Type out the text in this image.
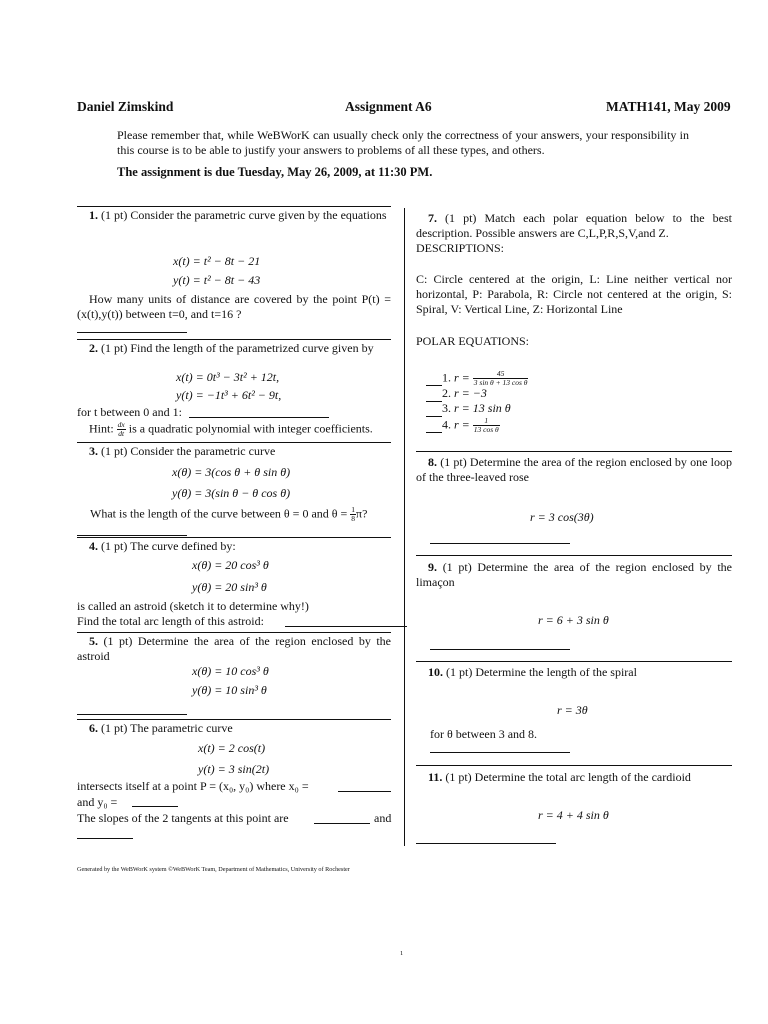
Daniel Zimskind	Assignment A6	MATH141, May 2009
Please remember that, while WeBWorK can usually check only the correctness of your answers, your responsibility in this course is to be able to justify your answers to problems of all these types, and others.
The assignment is due Tuesday, May 26, 2009, at 11:30 PM.
1. (1 pt) Consider the parametric curve given by the equations
x(t) = t² − 8t − 21
y(t) = t² − 8t − 43
How many units of distance are covered by the point P(t) = (x(t),y(t)) between t=0, and t=16 ?
2. (1 pt) Find the length of the parametrized curve given by
x(t) = 0t³ − 3t² + 12t,
y(t) = −1t³ + 6t² − 9t,
for t between 0 and 1:
Hint: $\frac{dx}{dt}$ is a quadratic polynomial with integer coefficients.
3. (1 pt) Consider the parametric curve
x(θ) = 3(cos θ + θ sin θ)
y(θ) = 3(sin θ − θ cos θ)
What is the length of the curve between θ = 0 and $\theta = \frac{1}{8} \pi$?
4. (1 pt) The curve defined by:
x(θ) = 20 cos³ θ
y(θ) = 20 sin³ θ
is called an astroid (sketch it to determine why!)
Find the total arc length of this astroid:
5. (1 pt) Determine the area of the region enclosed by the astroid
x(θ) = 10 cos³ θ
y(θ) = 10 sin³ θ
6. (1 pt) The parametric curve
x(t) = 2 cos(t)
y(t) = 3 sin(2t)
intersects itself at a point P = (x₀, y₀) where x₀ =
and y₀ =
The slopes of the 2 tangents at this point are	and
7. (1 pt) Match each polar equation below to the best description. Possible answers are C,L,P,R,S,V,and Z.
DESCRIPTIONS:
C: Circle centered at the origin, L: Line neither vertical nor horizontal, P: Parabola, R: Circle not centered at the origin, S: Spiral, V: Vertical Line, Z: Horizontal Line
POLAR EQUATIONS:
1. $r = \frac{45}{\text{3 sin θ + 13 cos θ}}$
2. r = −3
3. r = 13 sin θ
4. $r = \frac{1}{\text{13 cos θ}}$
8. (1 pt) Determine the area of the region enclosed by one loop of the three-leaved rose
r = 3 cos(3θ)
9. (1 pt) Determine the area of the region enclosed by the limaçon
r = 6 + 3 sin θ
10. (1 pt) Determine the length of the spiral
r = 3θ
for θ between 3 and 8.
11. (1 pt) Determine the total arc length of the cardioid
r = 4 + 4 sin θ
Generated by the WeBWorK system ©WeBWorK Team, Department of Mathematics, University of Rochester
1
